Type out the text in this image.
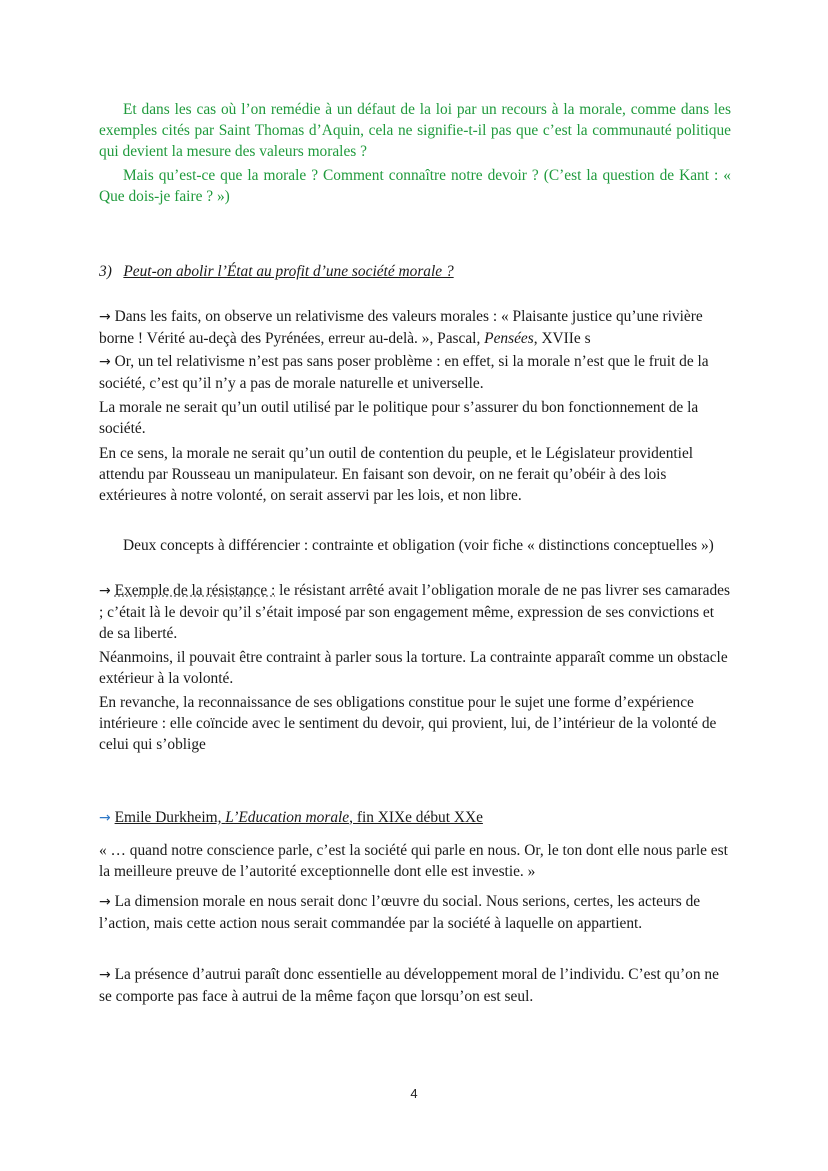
Et dans les cas où l’on remédie à un défaut de la loi par un recours à la morale, comme dans les exemples cités par Saint Thomas d’Aquin, cela ne signifie-t-il pas que c’est la communauté politique qui devient la mesure des valeurs morales ?

Mais qu’est-ce que la morale ? Comment connaître notre devoir ? (C’est la question de Kant : « Que dois-je faire ? »)

3) Peut-on abolir l’État au profit d’une société morale ?

→ Dans les faits, on observe un relativisme des valeurs morales : « Plaisante justice qu’une rivière borne ! Vérité au-deçà des Pyrénées, erreur au-delà. », Pascal, Pensées, XVIIe s

→ Or, un tel relativisme n’est pas sans poser problème : en effet, si la morale n’est que le fruit de la société, c’est qu’il n’y a pas de morale naturelle et universelle.

La morale ne serait qu’un outil utilisé par le politique pour s’assurer du bon fonctionnement de la société.

En ce sens, la morale ne serait qu’un outil de contention du peuple, et le Législateur providentiel attendu par Rousseau un manipulateur. En faisant son devoir, on ne ferait qu’obéir à des lois extérieures à notre volonté, on serait asservi par les lois, et non libre.

Deux concepts à différencier : contrainte et obligation (voir fiche « distinctions conceptuelles »)

→ Exemple de la résistance : le résistant arrêté avait l’obligation morale de ne pas livrer ses camarades ; c’était là le devoir qu’il s’était imposé par son engagement même, expression de ses convictions et de sa liberté.

Néanmoins, il pouvait être contraint à parler sous la torture. La contrainte apparaît comme un obstacle extérieur à la volonté.

En revanche, la reconnaissance de ses obligations constitue pour le sujet une forme d’expérience intérieure : elle coïncide avec le sentiment du devoir, qui provient, lui, de l’intérieur de la volonté de celui qui s’oblige

→ Emile Durkheim, L’Education morale, fin XIXe début XXe

« … quand notre conscience parle, c’est la société qui parle en nous. Or, le ton dont elle nous parle est la meilleure preuve de l’autorité exceptionnelle dont elle est investie. »

→ La dimension morale en nous serait donc l’œuvre du social. Nous serions, certes, les acteurs de l’action, mais cette action nous serait commandée par la société à laquelle on appartient.

→ La présence d’autrui paraît donc essentielle au développement moral de l’individu. C’est qu’on ne se comporte pas face à autrui de la même façon que lorsqu’on est seul.

4
